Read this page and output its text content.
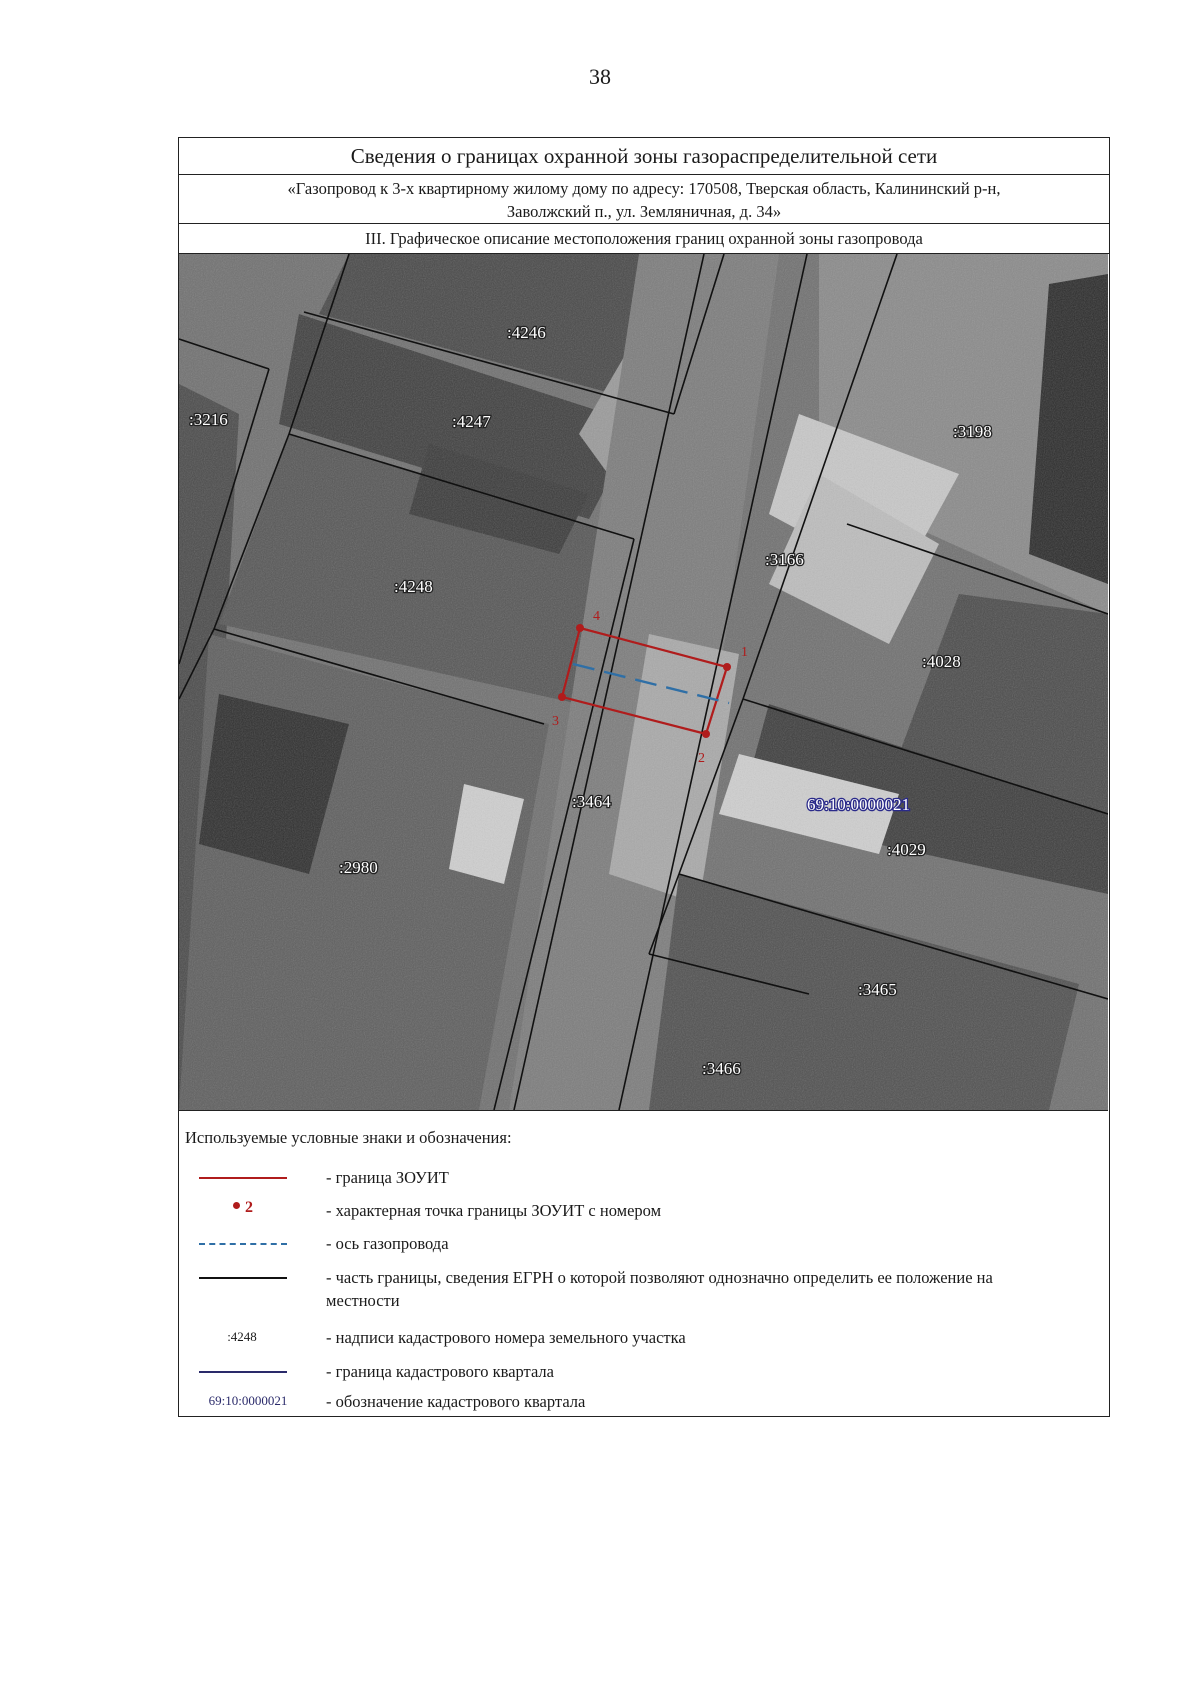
38
Сведения о границах охранной зоны газораспределительной сети
«Газопровод к 3-х квартирному жилому дому по адресу: 170508, Тверская область, Калининский р-н,
Заволжский п., ул. Земляничная, д. 34»
III. Графическое описание местоположения границ охранной зоны газопровода
1
2
3
4
:4246
:3216	:4247
:3198
:3166
:4248
:4028
:3464
:2980
:4029
:3465
:3466
69:10:0000021
Используемые условные знаки и обозначения:
- граница ЗОУИТ
2	- характерная точка границы ЗОУИТ с номером
- ось газопровода
- часть границы, сведения ЕГРН о которой позволяют однозначно определить ее положение на местности
:4248	- надписи кадастрового номера земельного участка
- граница кадастрового квартала
69:10:0000021	- обозначение кадастрового квартала
